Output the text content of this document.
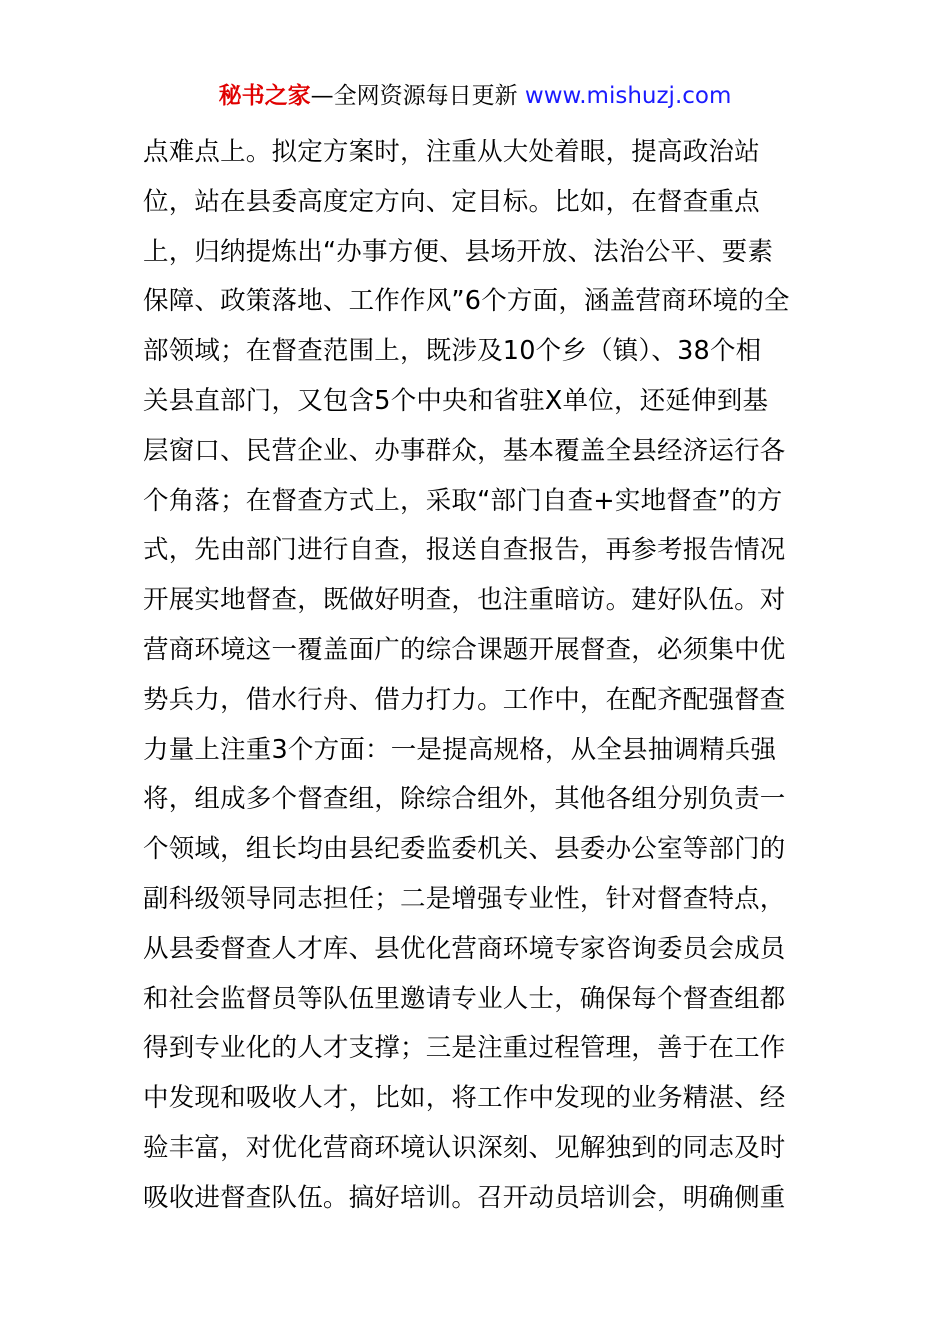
秘书之家—全网资源每日更新 www.mishuzj.com
点难点上。拟定方案时，注重从大处着眼，提高政治站
位，站在县委高度定方向、定目标。比如，在督查重点
上，归纳提炼出“办事方便、县场开放、法治公平、要素
保障、政策落地、工作作风”6个方面，涵盖营商环境的全
部领域；在督查范围上，既涉及10个乡（镇）、38个相
关县直部门，又包含5个中央和省驻X单位，还延伸到基
层窗口、民营企业、办事群众，基本覆盖全县经济运行各
个角落；在督查方式上，采取“部门自查+实地督查”的方
式，先由部门进行自查，报送自查报告，再参考报告情况
开展实地督查，既做好明查，也注重暗访。建好队伍。对
营商环境这一覆盖面广的综合课题开展督查，必须集中优
势兵力，借水行舟、借力打力。工作中，在配齐配强督查
力量上注重3个方面：一是提高规格，从全县抽调精兵强
将，组成多个督查组，除综合组外，其他各组分别负责一
个领域，组长均由县纪委监委机关、县委办公室等部门的
副科级领导同志担任；二是增强专业性，针对督查特点，
从县委督查人才库、县优化营商环境专家咨询委员会成员
和社会监督员等队伍里邀请专业人士，确保每个督查组都
得到专业化的人才支撑；三是注重过程管理，善于在工作
中发现和吸收人才，比如，将工作中发现的业务精湛、经
验丰富，对优化营商环境认识深刻、见解独到的同志及时
吸收进督查队伍。搞好培训。召开动员培训会，明确侧重
